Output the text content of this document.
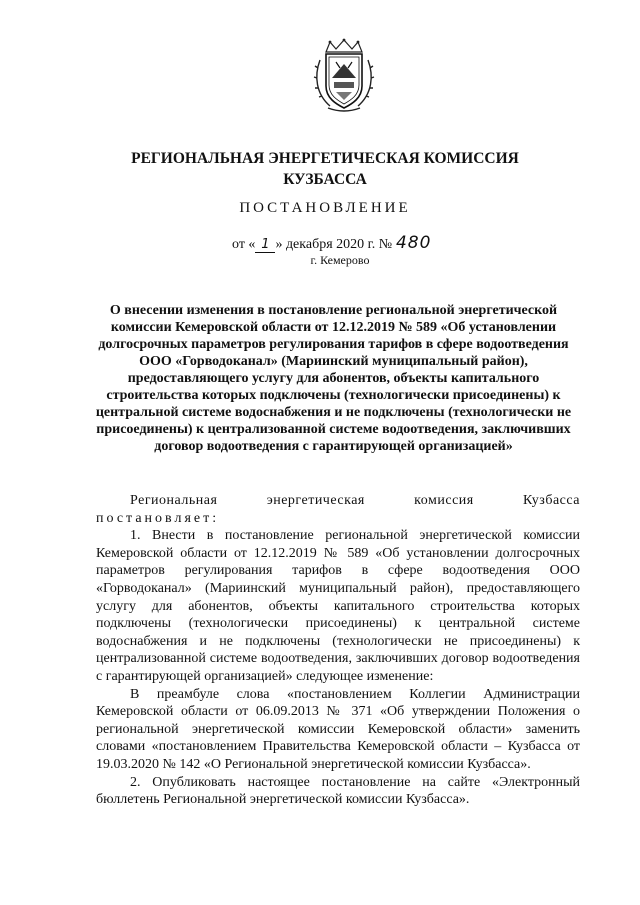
РЕГИОНАЛЬНАЯ ЭНЕРГЕТИЧЕСКАЯ КОМИССИЯ
КУЗБАССА
ПОСТАНОВЛЕНИЕ
от « 1 » декабря 2020 г. № 480
г. Кемерово
О внесении изменения в постановление региональной энергетической комиссии Кемеровской области от 12.12.2019 № 589 «Об установлении долгосрочных параметров регулирования тарифов в сфере водоотведения ООО «Горводоканал» (Мариинский муниципальный район), предоставляющего услугу для абонентов, объекты капитального строительства которых подключены (технологически присоединены) к центральной системе водоснабжения и не подключены (технологически не присоединены) к централизованной системе водоотведения, заключивших договор водоотведения с гарантирующей организацией»

Региональная энергетическая комиссия Кузбасса

постановляет:

1. Внести в постановление региональной энергетической комиссии Кемеровской области от 12.12.2019 № 589 «Об установлении долгосрочных параметров регулирования тарифов в сфере водоотведения ООО «Горводоканал» (Мариинский муниципальный район), предоставляющего услугу для абонентов, объекты капитального строительства которых подключены (технологически присоединены) к центральной системе водоснабжения и не подключены (технологически не присоединены) к централизованной системе водоотведения, заключивших договор водоотведения с гарантирующей организацией» следующее изменение:

В преамбуле слова «постановлением Коллегии Администрации Кемеровской области от 06.09.2013 № 371 «Об утверждении Положения о региональной энергетической комиссии Кемеровской области» заменить словами «постановлением Правительства Кемеровской области – Кузбасса от 19.03.2020 № 142 «О Региональной энергетической комиссии Кузбасса».

2. Опубликовать настоящее постановление на сайте «Электронный бюллетень Региональной энергетической комиссии Кузбасса».
